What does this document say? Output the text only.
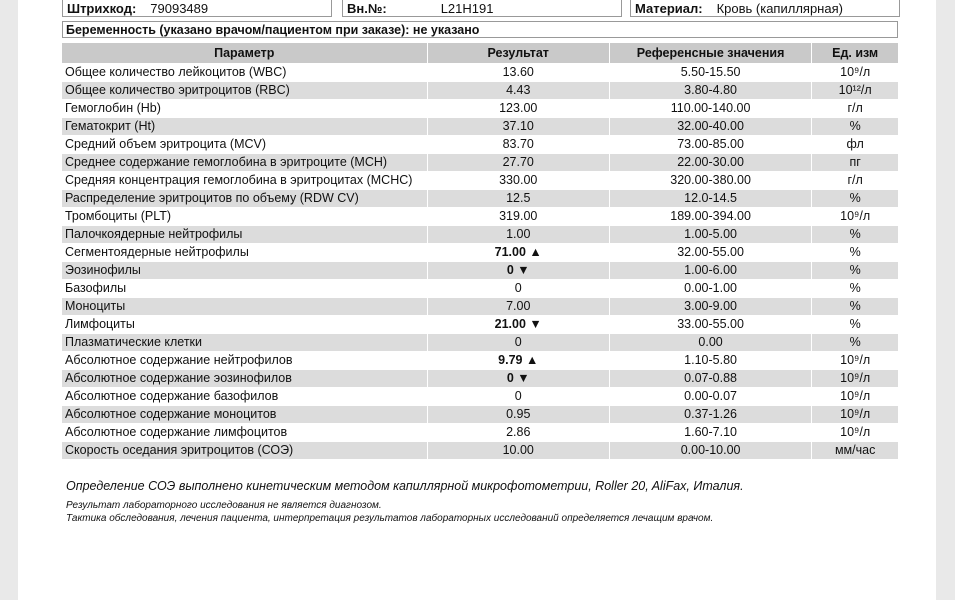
Штрихкод: 79093489	Вн.№:	L21H191	Материал: Кровь (капиллярная)
Беременность (указано врачом/пациентом при заказе): не указано
Параметр	Результат	Референсные значения	Ед. изм
Общее количество лейкоцитов (WBC)	13.60	5.50-15.50	10⁹/л
Общее количество эритроцитов (RBC)	4.43	3.80-4.80	10¹²/л
Гемоглобин (Hb)	123.00	110.00-140.00	г/л
Гематокрит (Ht)	37.10	32.00-40.00	%
Средний объем эритроцита (MCV)	83.70	73.00-85.00	фл
Среднее содержание гемоглобина в эритроците (MCH)	27.70	22.00-30.00	пг
Средняя концентрация гемоглобина в эритроцитах (MCHC)	330.00	320.00-380.00	г/л
Распределение эритроцитов по объему (RDW CV)	12.5	12.0-14.5	%
Тромбоциты (PLT)	319.00	189.00-394.00	10⁹/л
Палочкоядерные нейтрофилы	1.00	1.00-5.00	%
Сегментоядерные нейтрофилы	71.00 ▲	32.00-55.00	%
Эозинофилы	0 ▼	1.00-6.00	%
Базофилы	0	0.00-1.00	%
Моноциты	7.00	3.00-9.00	%
Лимфоциты	21.00 ▼	33.00-55.00	%
Плазматические клетки	0	0.00	%
Абсолютное содержание нейтрофилов	9.79 ▲	1.10-5.80	10⁹/л
Абсолютное содержание эозинофилов	0 ▼	0.07-0.88	10⁹/л
Абсолютное содержание базофилов	0	0.00-0.07	10⁹/л
Абсолютное содержание моноцитов	0.95	0.37-1.26	10⁹/л
Абсолютное содержание лимфоцитов	2.86	1.60-7.10	10⁹/л
Скорость оседания эритроцитов (СОЭ)	10.00	0.00-10.00	мм/час
Определение СОЭ выполнено кинетическим методом капиллярной микрофотометрии, Roller 20, AliFax, Италия.
Результат лабораторного исследования не является диагнозом.
Тактика обследования, лечения пациента, интерпретация результатов лабораторных исследований определяется лечащим врачом.
